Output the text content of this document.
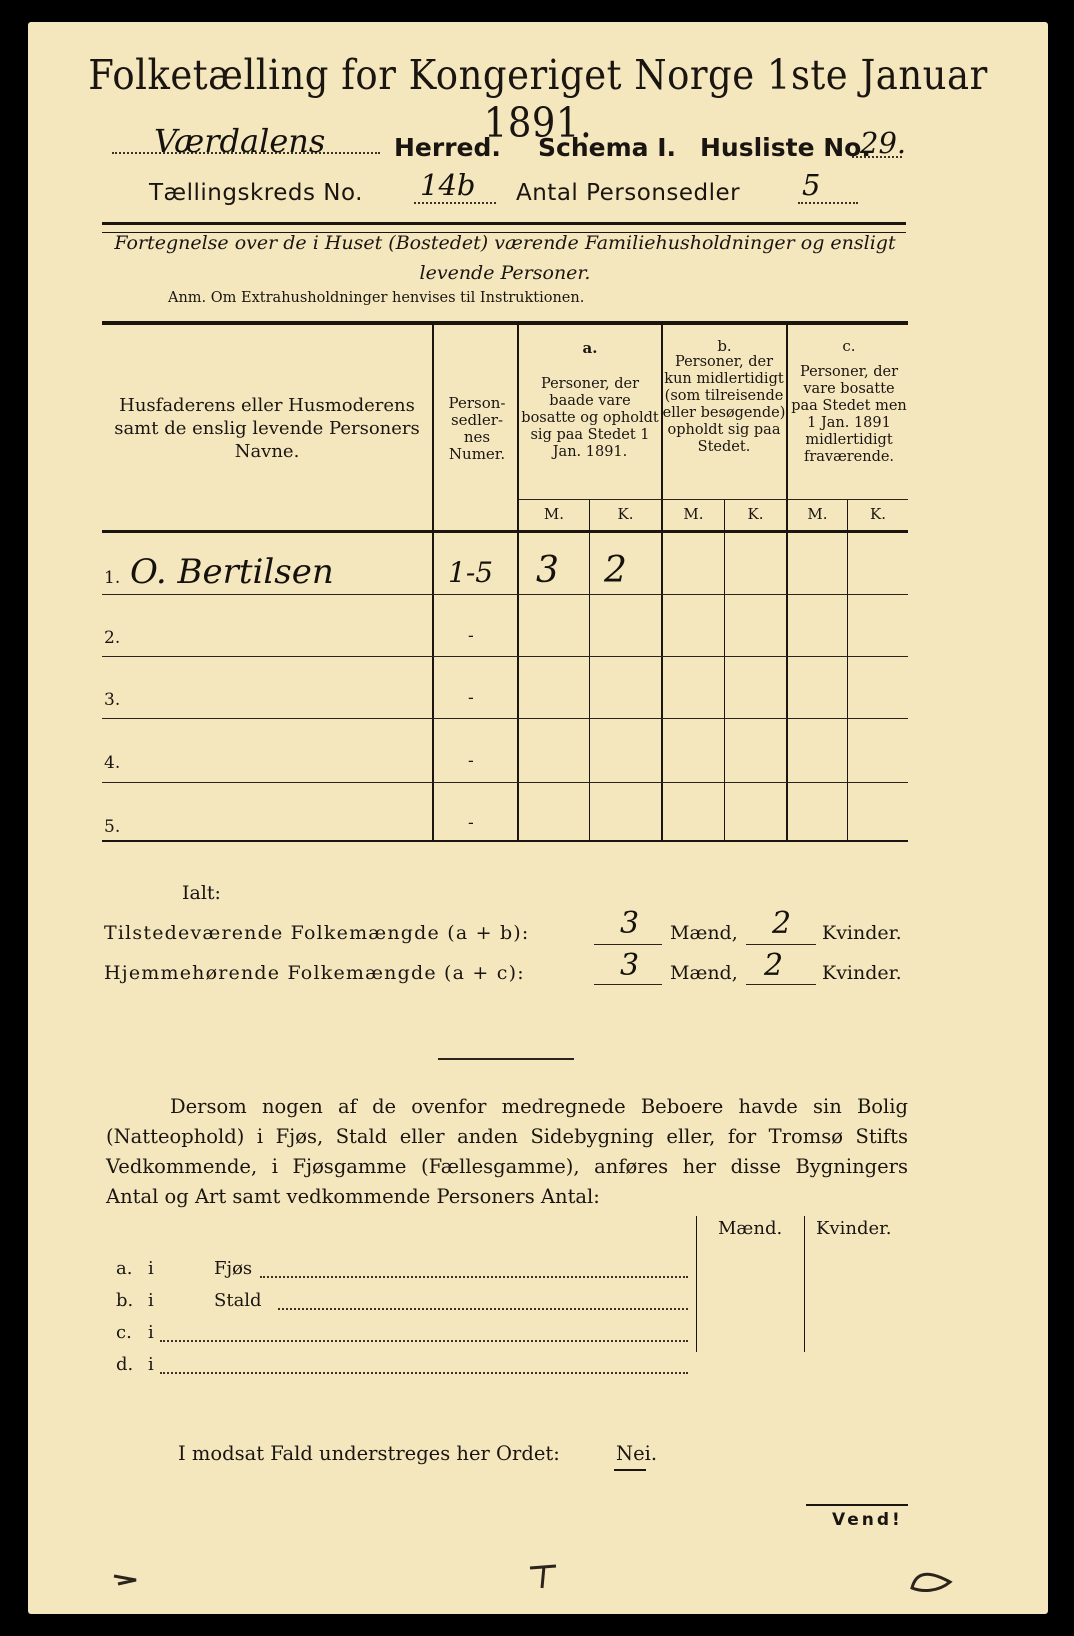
Folketælling for Kongeriget Norge 1ste Januar 1891.
Værdalens	Herred. Schema I. Husliste No.
29.
Tællingskreds No. 14b Antal Personsedler 5
Fortegnelse over de i Huset (Bostedet) værende Familiehusholdninger og ensligt levende Personer.
Anm. Om Extrahusholdninger henvises til Instruktionen.
Husfaderens eller Husmoderens samt de enslig levende Personers Navne.
Person-sedler-nes Numer.
a.
Personer, der baade vare bosatte og opholdt sig paa Stedet 1 Jan. 1891.
b.
Personer, der kun midlertidigt (som tilreisende eller besøgende) opholdt sig paa Stedet.
c.
Personer, der vare bosatte paa Stedet men 1 Jan. 1891 midlertidigt fraværende.
M.	K.	M.	K.	M.	K.
1. O. Bertilsen	1-5 3 2
2.	-
3.	-
4.	-
5.	-
Ialt:
Tilstedeværende Folkemængde (a + b):	3 Mænd, 2 Kvinder.
Hjemmehørende Folkemængde (a + c):	3 Mænd, 2 Kvinder.
Dersom nogen af de ovenfor medregnede Beboere havde sin Bolig (Natteophold) i Fjøs, Stald eller anden Sidebygning eller, for Tromsø Stifts Vedkommende, i Fjøsgamme (Fællesgamme), anføres her disse Bygningers Antal og Art samt vedkommende Personers Antal:
Mænd. Kvinder.
a. i	Fjøs
b. i	Stald
c. i
d. i
I modsat Fald understreges her Ordet:	Nei.
Vend!
